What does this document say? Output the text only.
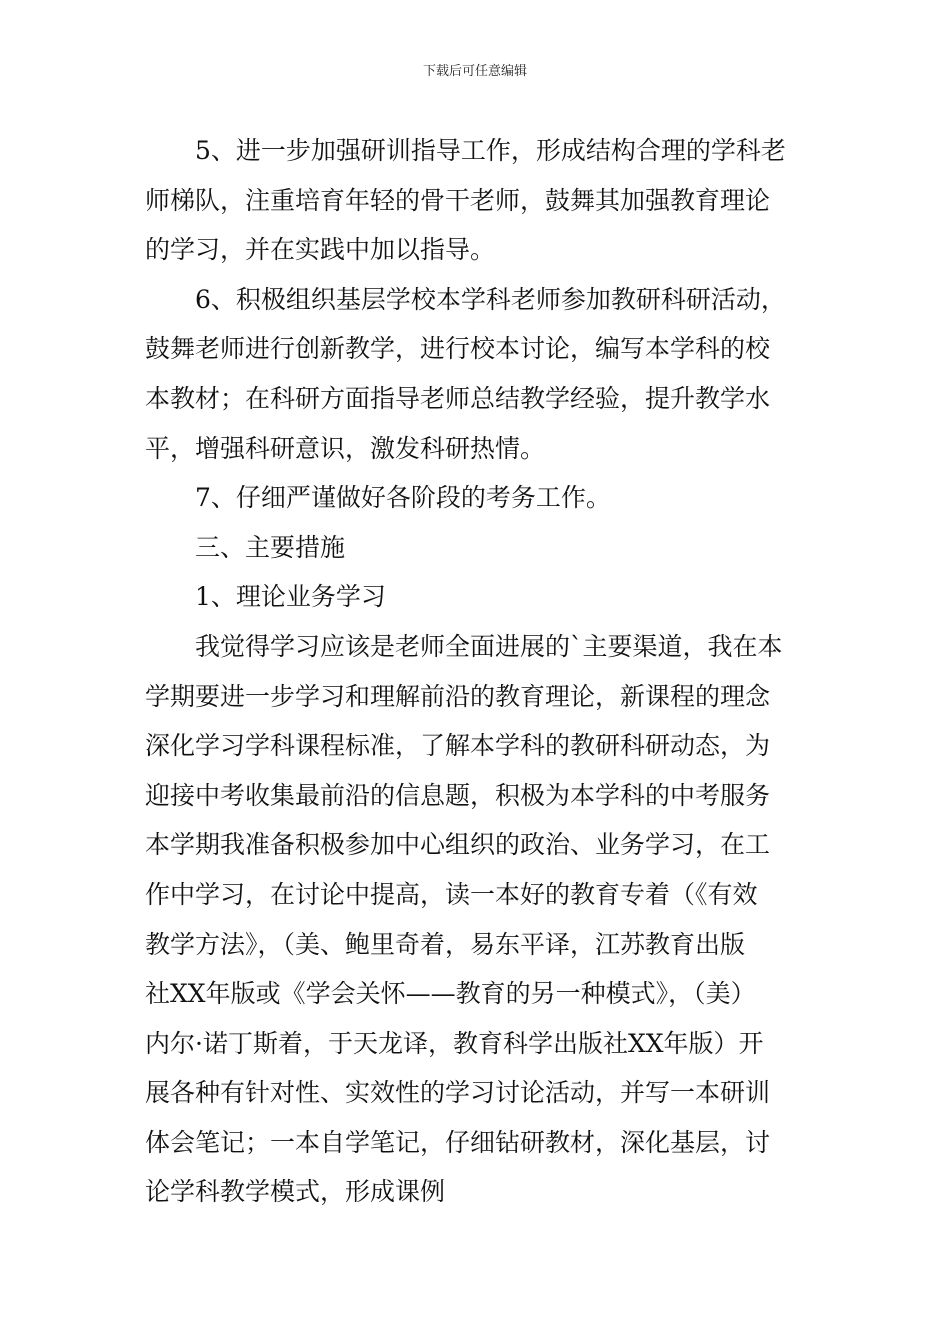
下载后可任意编辑
5、进一步加强研训指导工作，形成结构合理的学科老
师梯队，注重培育年轻的骨干老师，鼓舞其加强教育理论
的学习，并在实践中加以指导。
6、积极组织基层学校本学科老师参加教研科研活动，
鼓舞老师进行创新教学，进行校本讨论，编写本学科的校
本教材；在科研方面指导老师总结教学经验，提升教学水
平，增强科研意识，激发科研热情。
7、仔细严谨做好各阶段的考务工作。
三、主要措施
1、理论业务学习
我觉得学习应该是老师全面进展的`主要渠道，我在本
学期要进一步学习和理解前沿的教育理论，新课程的理念
深化学习学科课程标准，了解本学科的教研科研动态，为
迎接中考收集最前沿的信息题，积极为本学科的中考服务
本学期我准备积极参加中心组织的政治、业务学习，在工
作中学习，在讨论中提高，读一本好的教育专着（《有效
教学方法》，（美、鲍里奇着，易东平译，江苏教育出版
社XX年版或《学会关怀——教育的另一种模式》，（美）
内尔·诺丁斯着，于天龙译，教育科学出版社XX年版）开
展各种有针对性、实效性的学习讨论活动，并写一本研训
体会笔记；一本自学笔记，仔细钻研教材，深化基层，讨
论学科教学模式，形成课例
